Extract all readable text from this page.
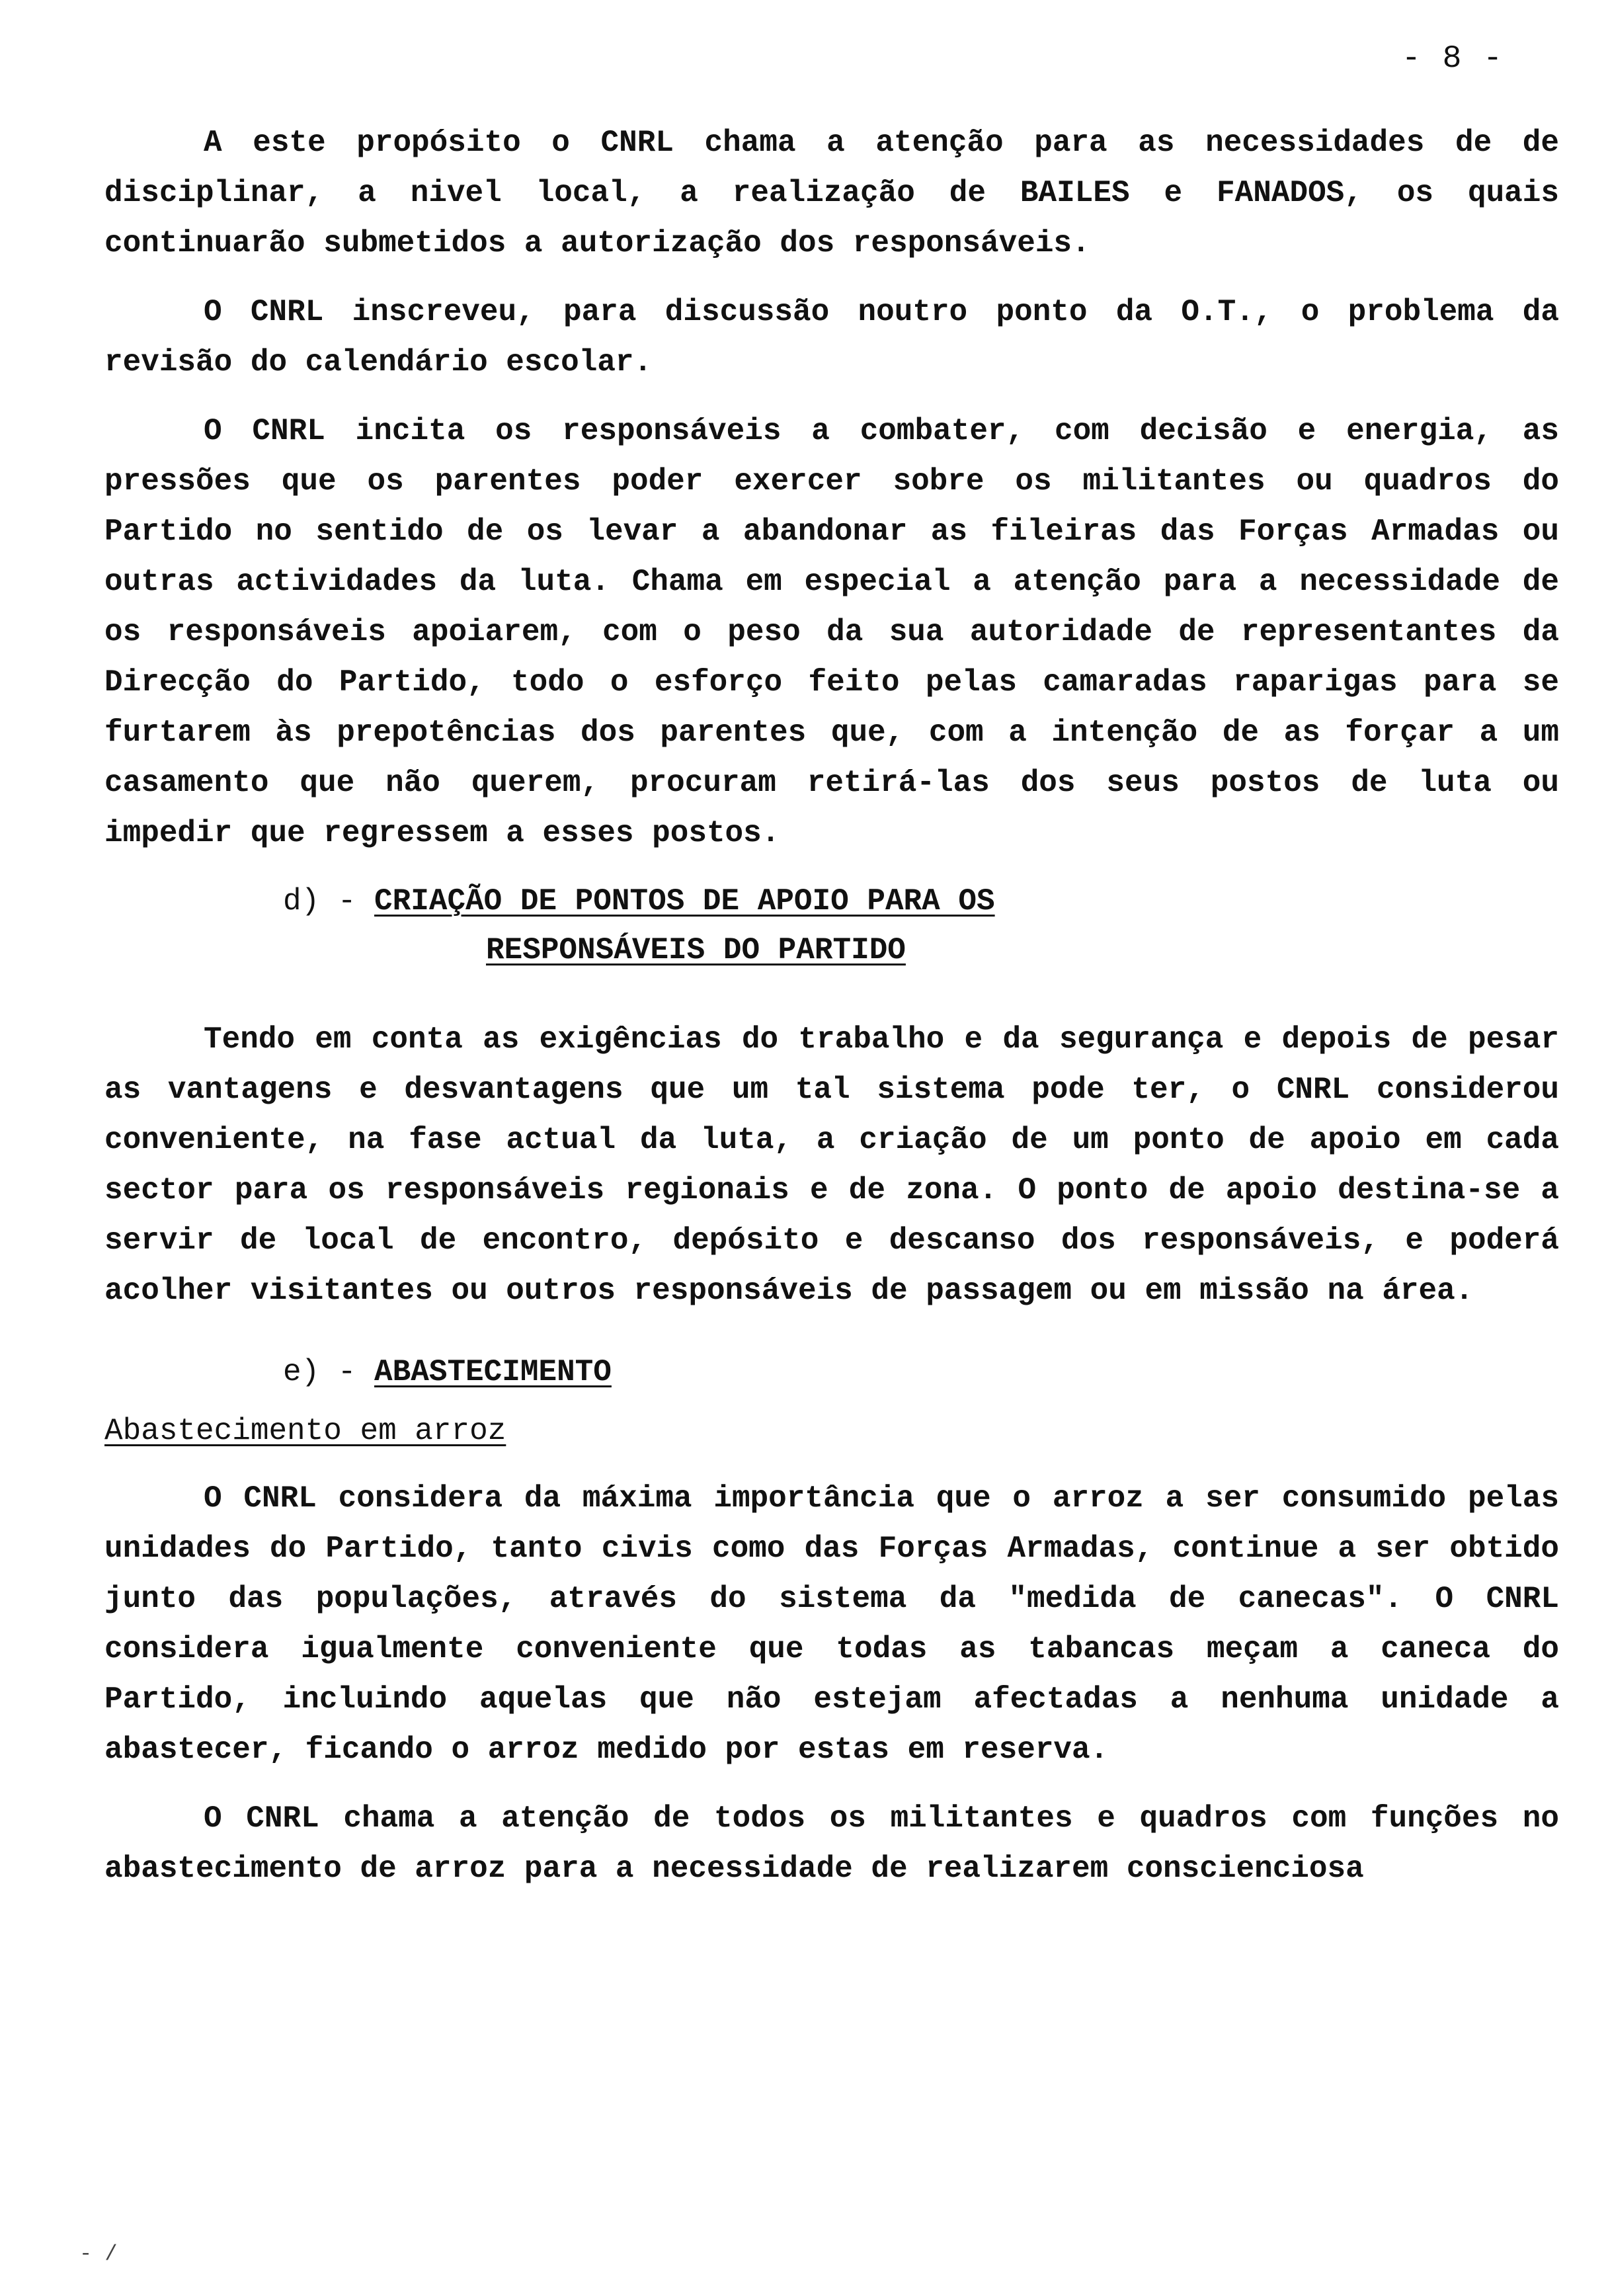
- 8 -

A este propósito o CNRL chama a atenção para as necessidades de de disciplinar, a nivel local, a realização de BAILES e FANADOS, os quais continuarão submetidos a autorização dos responsáveis.

O CNRL inscreveu, para discussão noutro ponto da O.T., o problema da revisão do calendário escolar.

O CNRL incita os responsáveis a combater, com decisão e energia, as pressões que os parentes poder exercer sobre os militantes ou quadros do Partido no sentido de os levar a abandonar as fileiras das Forças Armadas ou outras actividades da luta. Chama em especial a atenção para a necessidade de os responsáveis apoiarem, com o peso da sua autoridade de representantes da Direcção do Partido, todo o esforço feito pelas camaradas raparigas para se furtarem às prepotências dos parentes que, com a intenção de as forçar a um casamento que não querem, procuram retirá-las dos seus postos de luta ou impedir que regressem a esses postos.

d) - CRIAÇÃO DE PONTOS DE APOIO PARA OS
RESPONSÁVEIS DO PARTIDO

Tendo em conta as exigências do trabalho e da segurança e depois de pesar as vantagens e desvantagens que um tal sistema pode ter, o CNRL considerou conveniente, na fase actual da luta, a criação de um ponto de apoio em cada sector para os responsáveis regionais e de zona. O ponto de apoio destina-se a servir de local de encontro, depósito e descanso dos responsáveis, e poderá acolher visitantes ou outros responsáveis de passagem ou em missão na área.

e) - ABASTECIMENTO
Abastecimento em arroz

O CNRL considera da máxima importância que o arroz a ser consumido pelas unidades do Partido, tanto civis como das Forças Armadas, continue a ser obtido junto das populações, através do sistema da "medida de canecas". O CNRL considera igualmente conveniente que todas as tabancas meçam a caneca do Partido, incluindo aquelas que não estejam afectadas a nenhuma unidade a abastecer, ficando o arroz medido por estas em reserva.

O CNRL chama a atenção de todos os militantes e quadros com funções no abastecimento de arroz para a necessidade de realizarem conscienciosa

- /
